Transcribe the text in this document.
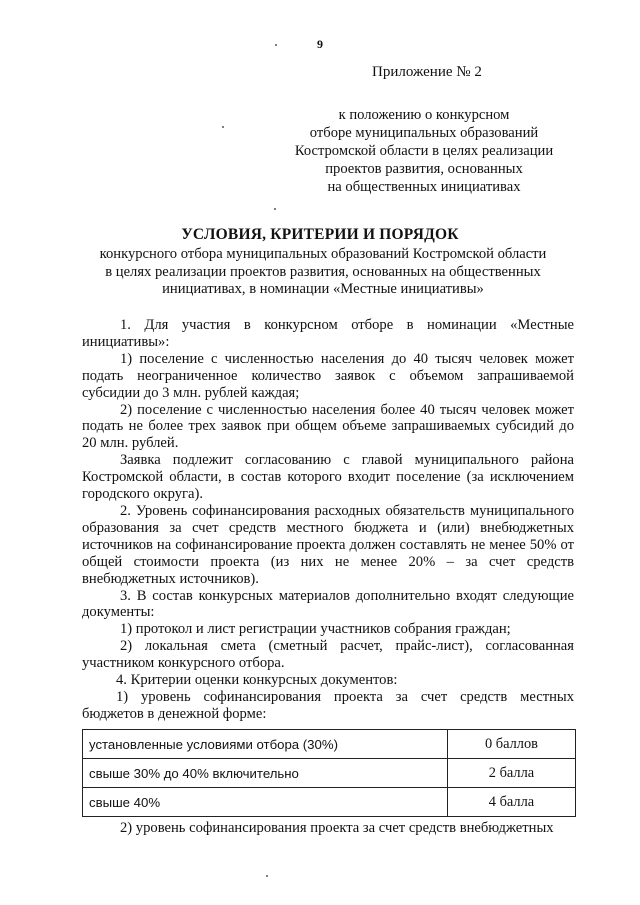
9
Приложение № 2
к положению о конкурсном
отборе муниципальных образований
Костромской области в целях реализации
проектов развития, основанных
на общественных инициативах
УСЛОВИЯ, КРИТЕРИИ И ПОРЯДОК
конкурсного отбора муниципальных образований Костромской области
в целях реализации проектов развития, основанных на общественных
инициативах, в номинации «Местные инициативы»

1. Для участия в конкурсном отборе в номинации «Местные инициативы»:

1) поселение с численностью населения до 40 тысяч человек может подать неограниченное количество заявок с объемом запрашиваемой субсидии до 3 млн. рублей каждая;

2) поселение с численностью населения более 40 тысяч человек может подать не более трех заявок при общем объеме запрашиваемых субсидий до 20 млн. рублей.

Заявка подлежит согласованию с главой муниципального района Костромской области, в состав которого входит поселение (за исключением городского округа).

2. Уровень софинансирования расходных обязательств муниципального образования за счет средств местного бюджета и (или) внебюджетных источников на софинансирование проекта должен составлять не менее 50% от общей стоимости проекта (из них не менее 20% – за счет средств внебюджетных источников).

3. В состав конкурсных материалов дополнительно входят следующие документы:

1) протокол и лист регистрации участников собрания граждан;

2) локальная смета (сметный расчет, прайс-лист), согласованная участником конкурсного отбора.

4. Критерии оценки конкурсных документов:

1) уровень софинансирования проекта за счет средств местных бюджетов в денежной форме:

установленные условиями отбора (30%)	0 баллов
свыше 30% до 40% включительно	2 балла
свыше 40%	4 балла
2) уровень софинансирования проекта за счет средств внебюджетных
